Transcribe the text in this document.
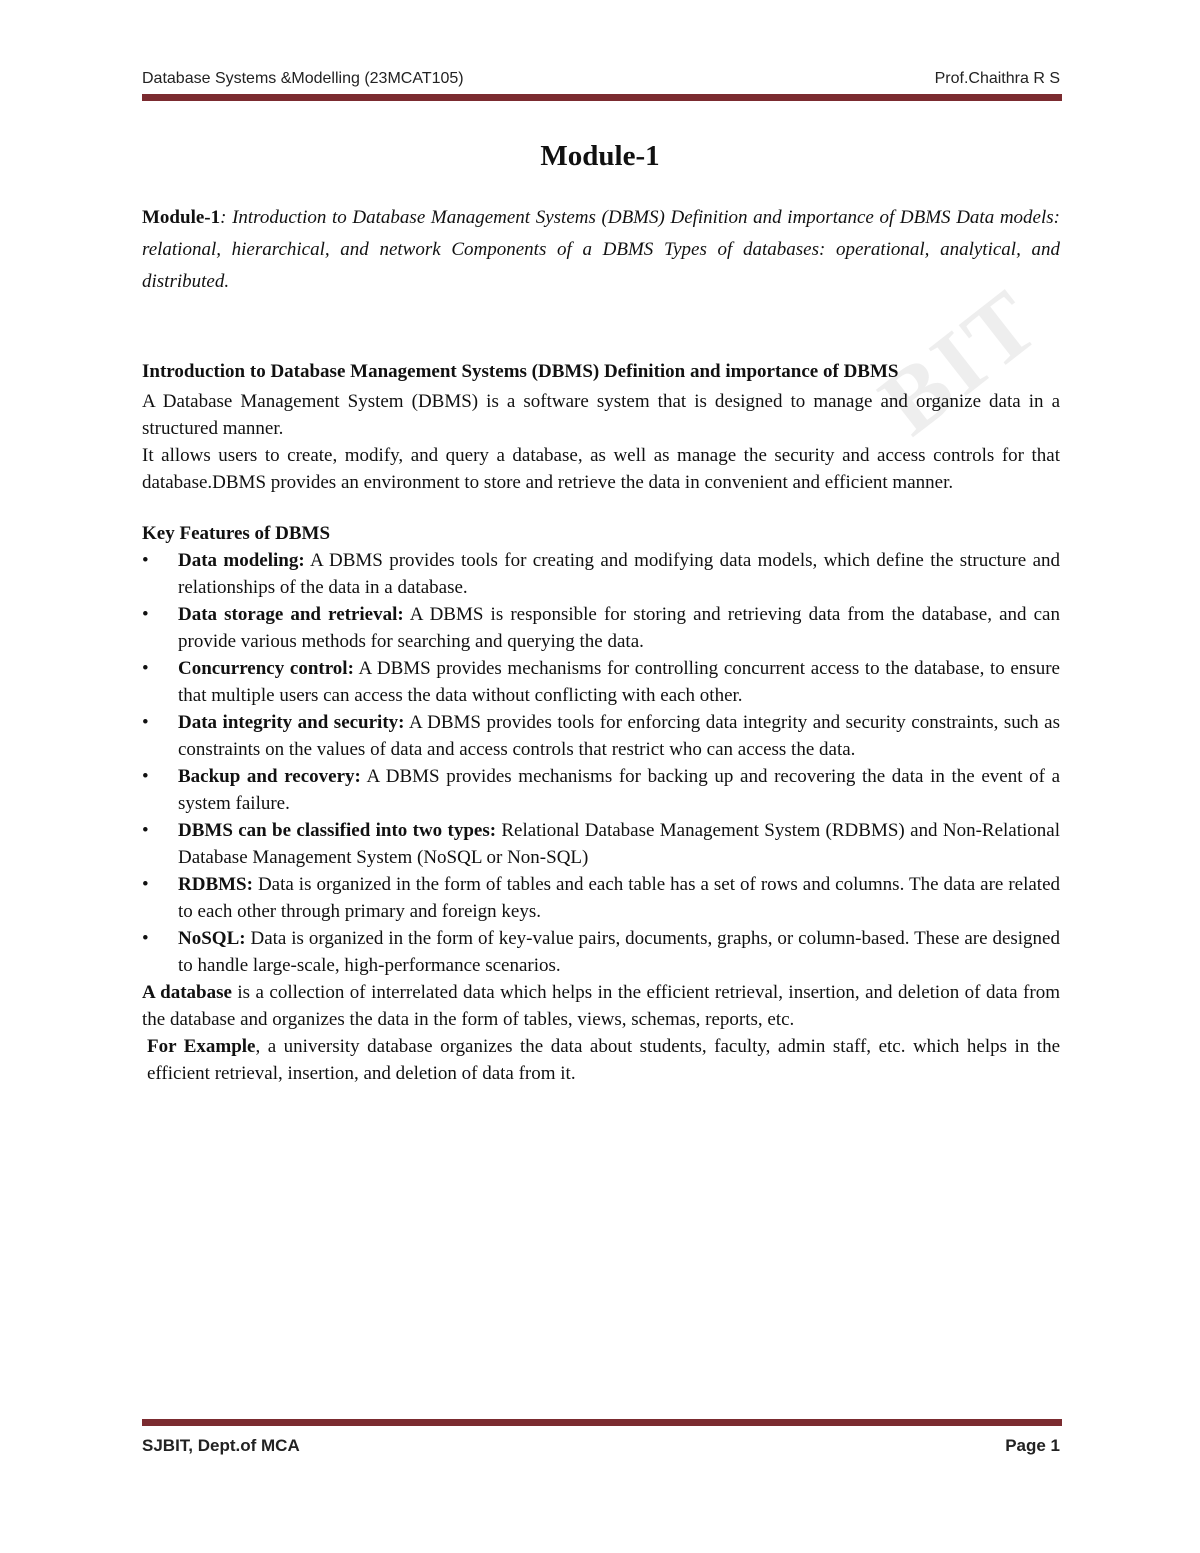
Database Systems &Modelling (23MCAT105)	Prof.Chaithra R S
BIT
Module-1

Module-1: Introduction to Database Management Systems (DBMS) Definition and importance of DBMS Data models: relational, hierarchical, and network Components of a DBMS Types of databases: operational, analytical, and distributed.

Introduction to Database Management Systems (DBMS) Definition and importance of DBMS

A Database Management System (DBMS) is a software system that is designed to manage and organize data in a structured manner.

It allows users to create, modify, and query a database, as well as manage the security and access controls for that database.DBMS provides an environment to store and retrieve the data in convenient and efficient manner.

Key Features of DBMS

•	Data modeling: A DBMS provides tools for creating and modifying data models, which define the structure and relationships of the data in a database.
•	Data storage and retrieval: A DBMS is responsible for storing and retrieving data from the database, and can provide various methods for searching and querying the data.
•	Concurrency control: A DBMS provides mechanisms for controlling concurrent access to the database, to ensure that multiple users can access the data without conflicting with each other.
•	Data integrity and security: A DBMS provides tools for enforcing data integrity and security constraints, such as constraints on the values of data and access controls that restrict who can access the data.
•	Backup and recovery: A DBMS provides mechanisms for backing up and recovering the data in the event of a system failure.
•	DBMS can be classified into two types: Relational Database Management System (RDBMS) and Non-Relational Database Management System (NoSQL or Non-SQL)
•	RDBMS: Data is organized in the form of tables and each table has a set of rows and columns. The data are related to each other through primary and foreign keys.
•	NoSQL: Data is organized in the form of key-value pairs, documents, graphs, or column-based. These are designed to handle large-scale, high-performance scenarios.

A database is a collection of interrelated data which helps in the efficient retrieval, insertion, and deletion of data from the database and organizes the data in the form of tables, views, schemas, reports, etc.

For Example, a university database organizes the data about students, faculty, admin staff, etc. which helps in the efficient retrieval, insertion, and deletion of data from it.

SJBIT, Dept.of MCA	Page 1
